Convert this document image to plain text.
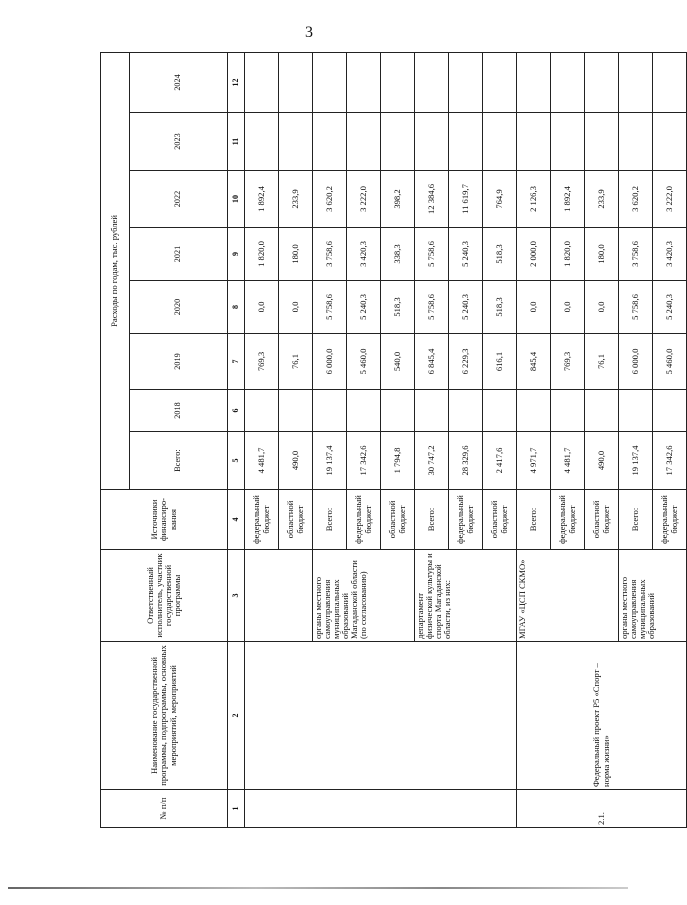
3
№ п/п	Наименование государственной программы, подпрограммы, основных мероприятий, мероприятий	Ответственный исполнитель, участник государственной программы	Источники финансиро-вания	Расходы по годам, тыс. рублей							
				Всего:	2018	2019	2020	2021	2022	2023	2024
1	2	3	4	5	6	7	8	9	10	11	12
			федеральный бюджет	4 481,7		769,3	0,0	1 820,0	1 892,4		
			областной бюджет	490,0		76,1	0,0	180,0	233,9		
		органы местного самоуправления муниципальных образований Магаданской области (по согласованию)	Всего:	19 137,4		6 000,0	5 758,6	3 758,6	3 620,2		
			федеральный бюджет	17 342,6		5 460,0	5 240,3	3 420,3	3 222,0		
			областной бюджет	1 794,8		540,0	518,3	338,3	398,2		
		департамент физической культуры и спорта Магаданской области, из них:	Всего:	30 747,2		6 845,4	5 758,6	5 758,6	12 384,6		
			федеральный бюджет	28 329,6		6 229,3	5 240,3	5 240,3	11 619,7		
			областной бюджет	2 417,6		616,1	518,3	518,3	764,9		
2.1.	Федеральный проект Р5 «Спорт – норма жизни»	МГАУ «ЦСП СКМО»	Всего:	4 971,7		845,4	0,0	2 000,0	2 126,3		
			федеральный бюджет	4 481,7		769,3	0,0	1 820,0	1 892,4		
			областной бюджет	490,0		76,1	0,0	180,0	233,9		
		органы местного самоуправления муниципальных образований	Всего:	19 137,4		6 000,0	5 758,6	3 758,6	3 620,2		
			федеральный бюджет	17 342,6		5 460,0	5 240,3	3 420,3	3 222,0		
